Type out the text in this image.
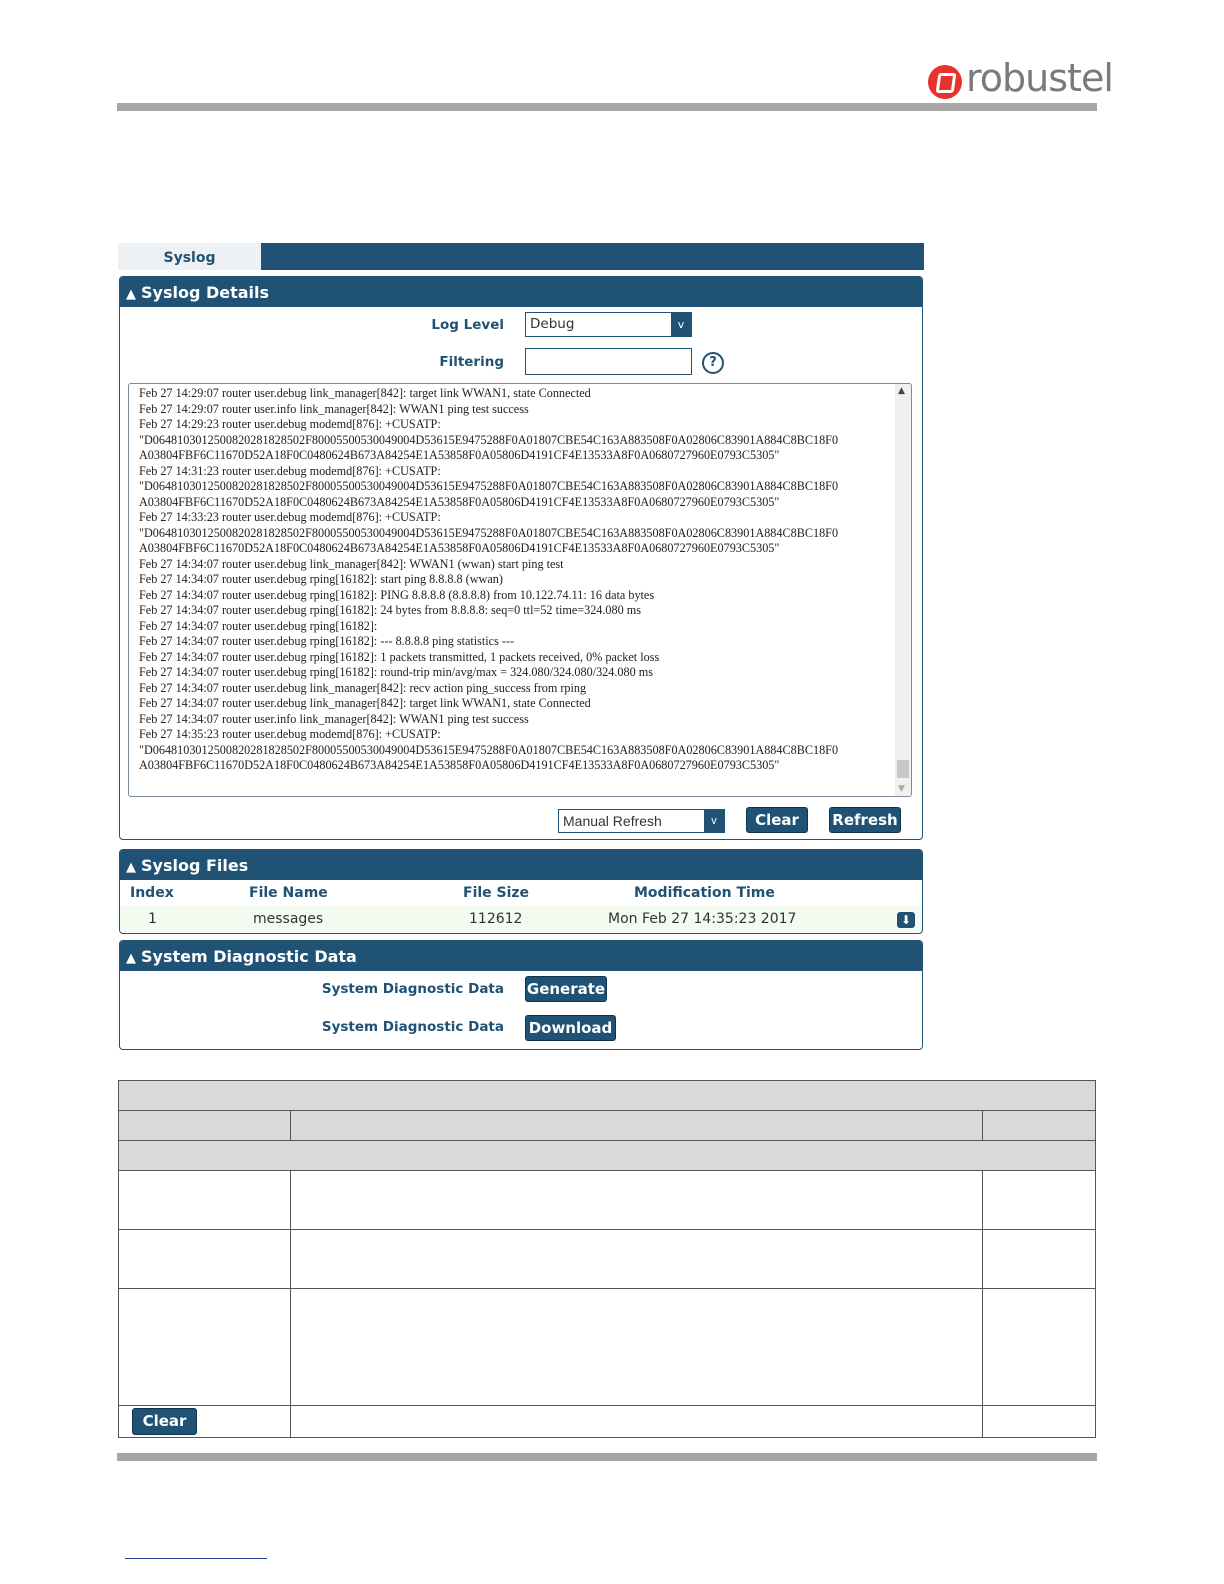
robustel
Syslog
▲ Syslog Details
Log Level	Debug	v
Filtering	?
Feb 27 14:29:07 router user.debug link_manager[842]: target link WWAN1, state Connected
Feb 27 14:29:07 router user.info link_manager[842]: WWAN1 ping test success
Feb 27 14:29:23 router user.debug modemd[876]: +CUSATP:
"D0648103012500820281828502F80005500530049004D53615E9475288F0A01807CBE54C163A883508F0A02806C83901A884C8BC18F0
A03804FBF6C11670D52A18F0C0480624B673A84254E1A53858F0A05806D4191CF4E13533A8F0A0680727960E0793C5305"
Feb 27 14:31:23 router user.debug modemd[876]: +CUSATP:
"D0648103012500820281828502F80005500530049004D53615E9475288F0A01807CBE54C163A883508F0A02806C83901A884C8BC18F0
A03804FBF6C11670D52A18F0C0480624B673A84254E1A53858F0A05806D4191CF4E13533A8F0A0680727960E0793C5305"
Feb 27 14:33:23 router user.debug modemd[876]: +CUSATP:
"D0648103012500820281828502F80005500530049004D53615E9475288F0A01807CBE54C163A883508F0A02806C83901A884C8BC18F0
A03804FBF6C11670D52A18F0C0480624B673A84254E1A53858F0A05806D4191CF4E13533A8F0A0680727960E0793C5305"
Feb 27 14:34:07 router user.debug link_manager[842]: WWAN1 (wwan) start ping test
Feb 27 14:34:07 router user.debug rping[16182]: start ping 8.8.8.8 (wwan)
Feb 27 14:34:07 router user.debug rping[16182]: PING 8.8.8.8 (8.8.8.8) from 10.122.74.11: 16 data bytes
Feb 27 14:34:07 router user.debug rping[16182]: 24 bytes from 8.8.8.8: seq=0 ttl=52 time=324.080 ms
Feb 27 14:34:07 router user.debug rping[16182]:
Feb 27 14:34:07 router user.debug rping[16182]: --- 8.8.8.8 ping statistics ---
Feb 27 14:34:07 router user.debug rping[16182]: 1 packets transmitted, 1 packets received, 0% packet loss
Feb 27 14:34:07 router user.debug rping[16182]: round-trip min/avg/max = 324.080/324.080/324.080 ms
Feb 27 14:34:07 router user.debug link_manager[842]: recv action ping_success from rping
Feb 27 14:34:07 router user.debug link_manager[842]: target link WWAN1, state Connected
Feb 27 14:34:07 router user.info link_manager[842]: WWAN1 ping test success
Feb 27 14:35:23 router user.debug modemd[876]: +CUSATP:
"D0648103012500820281828502F80005500530049004D53615E9475288F0A01807CBE54C163A883508F0A02806C83901A884C8BC18F0
A03804FBF6C11670D52A18F0C0480624B673A84254E1A53858F0A05806D4191CF4E13533A8F0A0680727960E0793C5305"
▲
▼
Manual Refresh	v	Clear	Refresh
▲ Syslog Files
Index	File Name	File Size	Modification Time
1	messages	112612	Mon Feb 27 14:35:23 2017	⬇
▲ System Diagnostic Data
System Diagnostic Data Generate
System Diagnostic Data Download

Clear		
